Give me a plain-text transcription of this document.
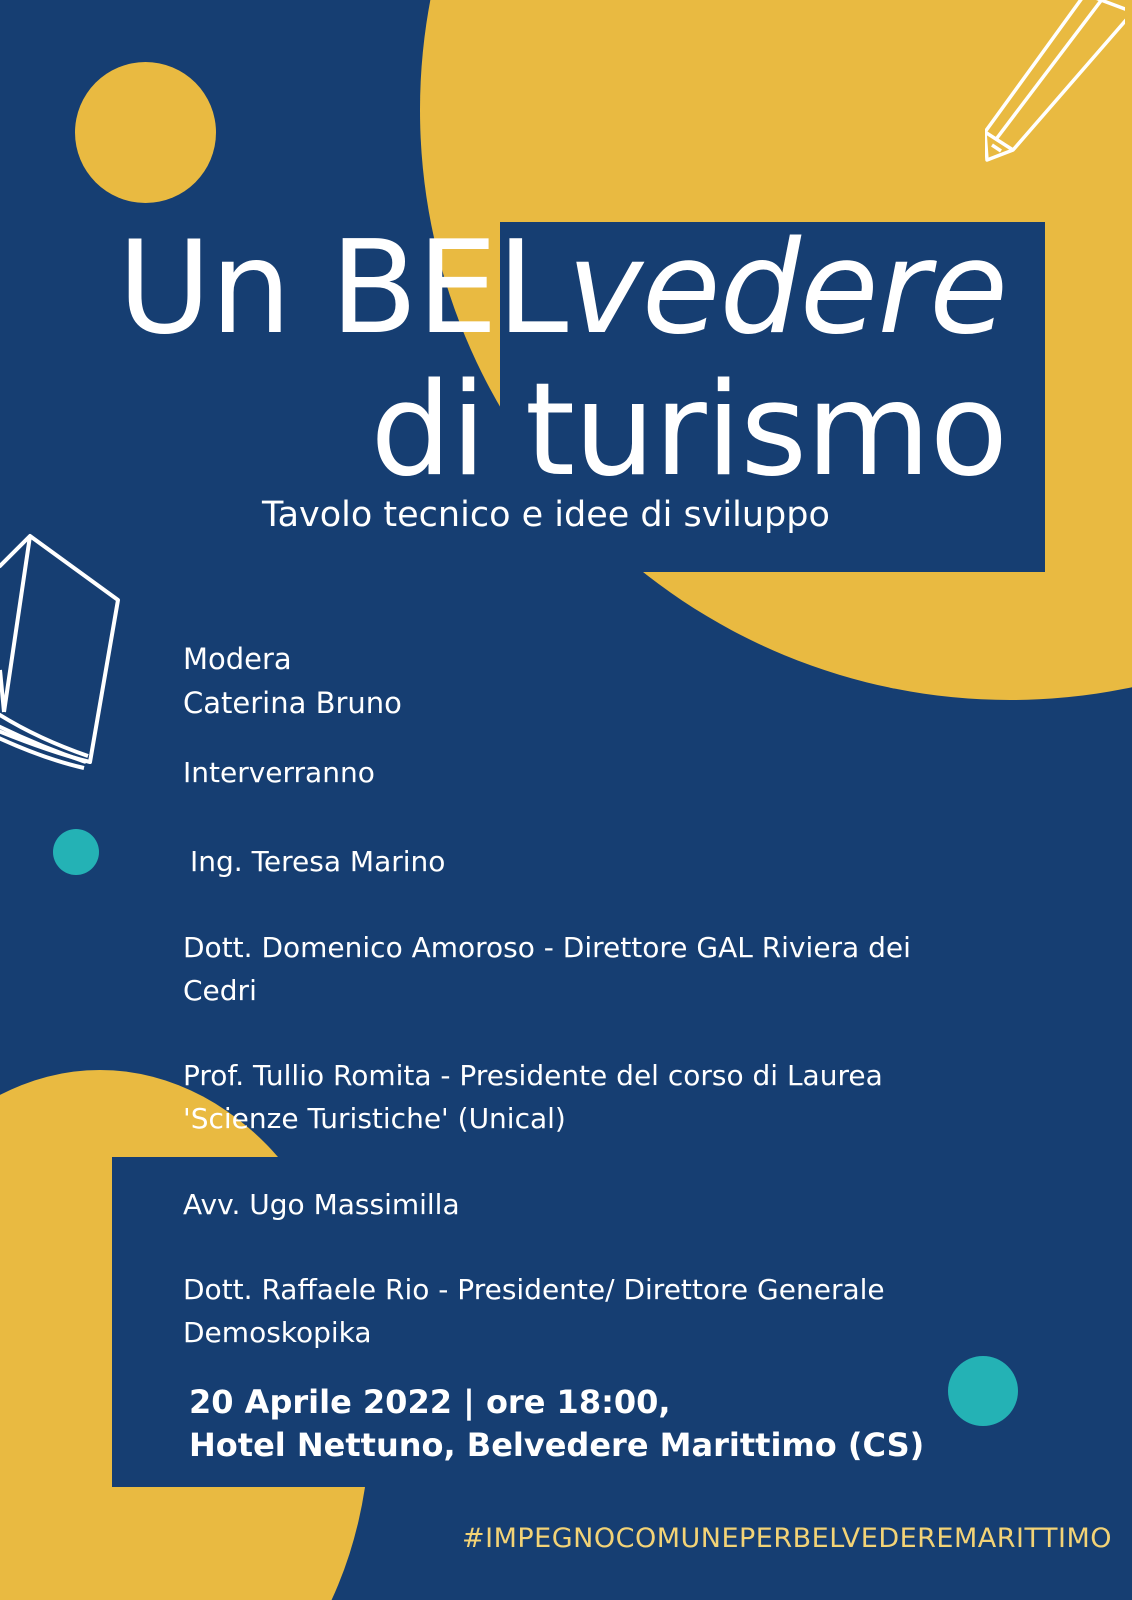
Un BELvedere
di turismo
Tavolo tecnico e idee di sviluppo

Modera

Caterina Bruno

Interverranno

Ing. Teresa Marino

Dott. Domenico Amoroso - Direttore GAL Riviera dei Cedri

Prof. Tullio Romita - Presidente del corso di Laurea 'Scienze Turistiche' (Unical)

Avv. Ugo Massimilla

Dott. Raffaele Rio - Presidente/ Direttore Generale Demoskopika

20 Aprile 2022 | ore 18:00,

Hotel Nettuno, Belvedere Marittimo (CS)

#IMPEGNOCOMUNEPERBELVEDEREMARITTIMO
